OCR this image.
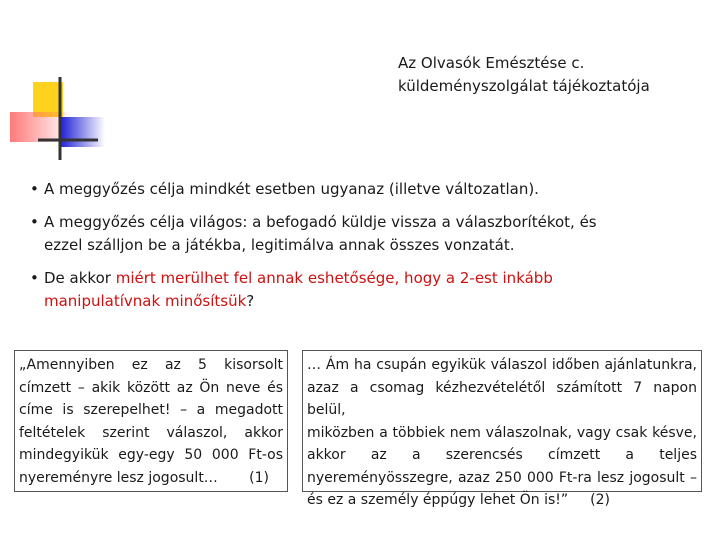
Az Olvasók Emésztése c.
küldeményszolgálat tájékoztatója
• A meggyőzés célja mindkét esetben ugyanaz (illetve változatlan).
• A meggyőzés célja világos: a befogadó küldje vissza a válaszborítékot, és
ezzel szálljon be a játékba, legitimálva annak összes vonzatát.
• De akkor miért merülhet fel annak eshetősége, hogy a 2-est inkább
manipulatívnak minősítsük?

„Amennyiben ez az 5 kisorsolt

címzett – akik között az Ön neve és

címe is szerepelhet! – a megadott

feltételek szerint válaszol, akkor

mindegyikük egy-egy 50 000 Ft-os

nyereményre lesz jogosult… (1)

… Ám ha csupán egyikük válaszol időben ajánlatunkra,

azaz a csomag kézhezvételétől számított 7 napon belül,

miközben a többiek nem válaszolnak, vagy csak késve,

akkor az a szerencsés címzett a teljes

nyereményösszegre, azaz 250 000 Ft-ra lesz jogosult –

és ez a személy éppúgy lehet Ön is!” (2)
